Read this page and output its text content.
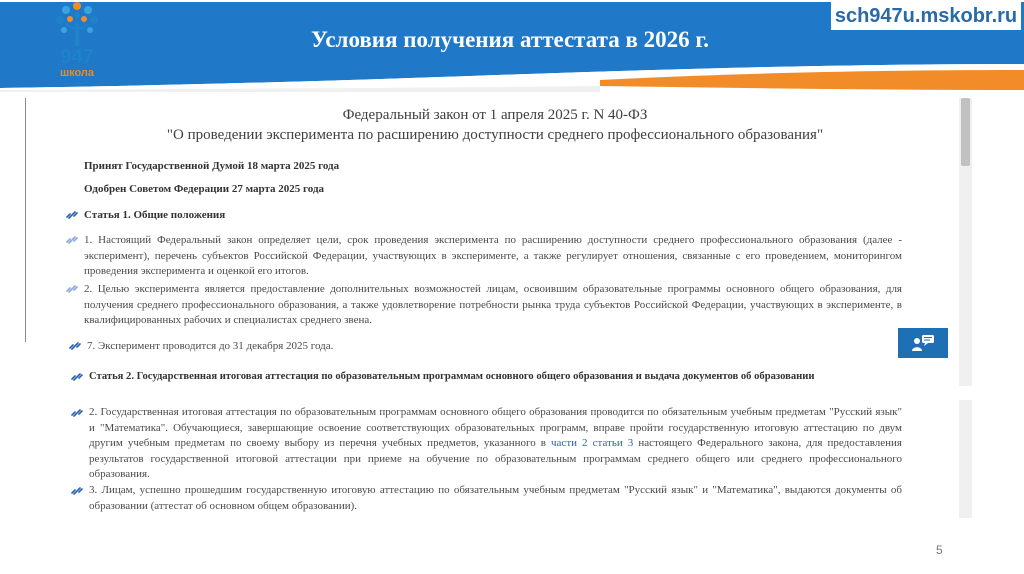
947
школа
для каждого
Условия получения аттестата в 2026 г.
sch947u.mskobr.ru
Федеральный закон от 1 апреля 2025 г. N 40-ФЗ
"О проведении эксперимента по расширению доступности среднего профессионального образования"
Принят Государственной Думой 18 марта 2025 года
Одобрен Советом Федерации 27 марта 2025 года
Статья 1. Общие положения
1. Настоящий Федеральный закон определяет цели, срок проведения эксперимента по расширению доступности среднего профессионального образования (далее - эксперимент), перечень субъектов Российской Федерации, участвующих в эксперименте, а также регулирует отношения, связанные с его проведением, мониторингом проведения эксперимента и оценкой его итогов.
2. Целью эксперимента является предоставление дополнительных возможностей лицам, освоившим образовательные программы основного общего образования, для получения среднего профессионального образования, а также удовлетворение потребности рынка труда субъектов Российской Федерации, участвующих в эксперименте, в квалифицированных рабочих и специалистах среднего звена.
7. Эксперимент проводится до 31 декабря 2025 года.
Статья 2. Государственная итоговая аттестация по образовательным программам основного общего образования и выдача документов об образовании
2. Государственная итоговая аттестация по образовательным программам основного общего образования проводится по обязательным учебным предметам "Русский язык" и "Математика". Обучающиеся, завершающие освоение соответствующих образовательных программ, вправе пройти государственную итоговую аттестацию по двум другим учебным предметам по своему выбору из перечня учебных предметов, указанного в части 2 статьи 3 настоящего Федерального закона, для предоставления результатов государственной итоговой аттестации при приеме на обучение по образовательным программам среднего общего или среднего профессионального образования.
3. Лицам, успешно прошедшим государственную итоговую аттестацию по обязательным учебным предметам "Русский язык" и "Математика", выдаются документы об образовании (аттестат об основном общем образовании).
5
